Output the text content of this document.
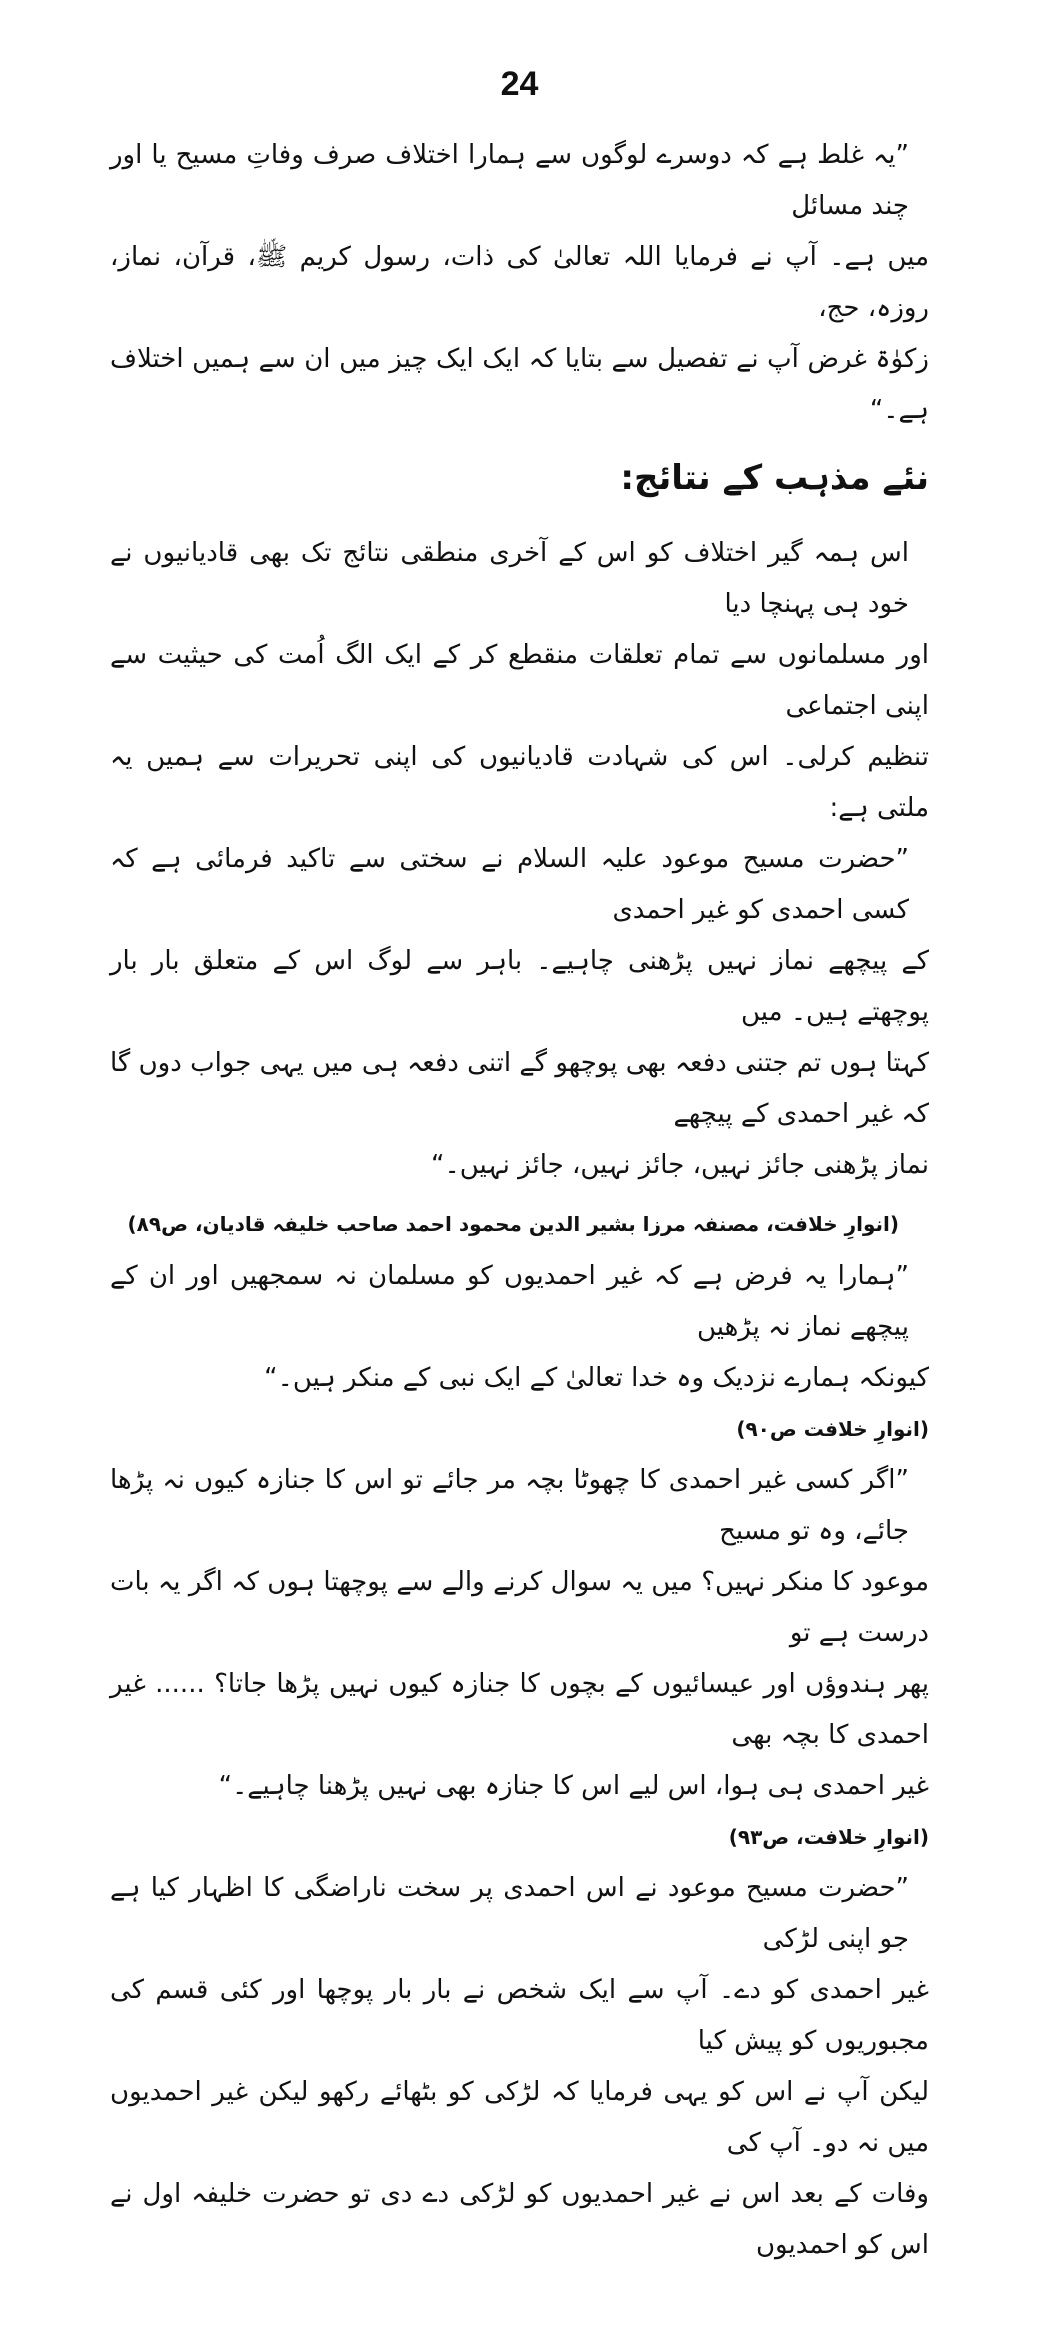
24
”یہ غلط ہے کہ دوسرے لوگوں سے ہمارا اختلاف صرف وفاتِ مسیح یا اور چند مسائل
میں ہے۔ آپ نے فرمایا اللہ تعالیٰ کی ذات، رسول کریم ﷺ، قرآن، نماز، روزہ، حج،
زکوٰۃ غرض آپ نے تفصیل سے بتایا کہ ایک ایک چیز میں ان سے ہمیں اختلاف ہے۔“
نئے مذہب کے نتائج:
اس ہمہ گیر اختلاف کو اس کے آخری منطقی نتائج تک بھی قادیانیوں نے خود ہی پہنچا دیا
اور مسلمانوں سے تمام تعلقات منقطع کر کے ایک الگ اُمت کی حیثیت سے اپنی اجتماعی
تنظیم کرلی۔ اس کی شہادت قادیانیوں کی اپنی تحریرات سے ہمیں یہ ملتی ہے:
”حضرت مسیح موعود علیہ السلام نے سختی سے تاکید فرمائی ہے کہ کسی احمدی کو غیر احمدی
کے پیچھے نماز نہیں پڑھنی چاہیے۔ باہر سے لوگ اس کے متعلق بار بار پوچھتے ہیں۔ میں
کہتا ہوں تم جتنی دفعہ بھی پوچھو گے اتنی دفعہ ہی میں یہی جواب دوں گا کہ غیر احمدی کے پیچھے
نماز پڑھنی جائز نہیں، جائز نہیں، جائز نہیں۔“
(انوارِ خلافت، مصنفہ مرزا بشیر الدین محمود احمد صاحب خلیفہ قادیان، ص۸۹)
”ہمارا یہ فرض ہے کہ غیر احمدیوں کو مسلمان نہ سمجھیں اور ان کے پیچھے نماز نہ پڑھیں
کیونکہ ہمارے نزدیک وہ خدا تعالیٰ کے ایک نبی کے منکر ہیں۔“
(انوارِ خلافت ص۹۰)
”اگر کسی غیر احمدی کا چھوٹا بچہ مر جائے تو اس کا جنازہ کیوں نہ پڑھا جائے، وہ تو مسیح
موعود کا منکر نہیں؟ میں یہ سوال کرنے والے سے پوچھتا ہوں کہ اگر یہ بات درست ہے تو
پھر ہندوؤں اور عیسائیوں کے بچوں کا جنازہ کیوں نہیں پڑھا جاتا؟ ...... غیر احمدی کا بچہ بھی
غیر احمدی ہی ہوا، اس لیے اس کا جنازہ بھی نہیں پڑھنا چاہیے۔“
(انوارِ خلافت، ص۹۳)
”حضرت مسیح موعود نے اس احمدی پر سخت ناراضگی کا اظہار کیا ہے جو اپنی لڑکی
غیر احمدی کو دے۔ آپ سے ایک شخص نے بار بار پوچھا اور کئی قسم کی مجبوریوں کو پیش کیا
لیکن آپ نے اس کو یہی فرمایا کہ لڑکی کو بٹھائے رکھو لیکن غیر احمدیوں میں نہ دو۔ آپ کی
وفات کے بعد اس نے غیر احمدیوں کو لڑکی دے دی تو حضرت خلیفہ اول نے اس کو احمدیوں
